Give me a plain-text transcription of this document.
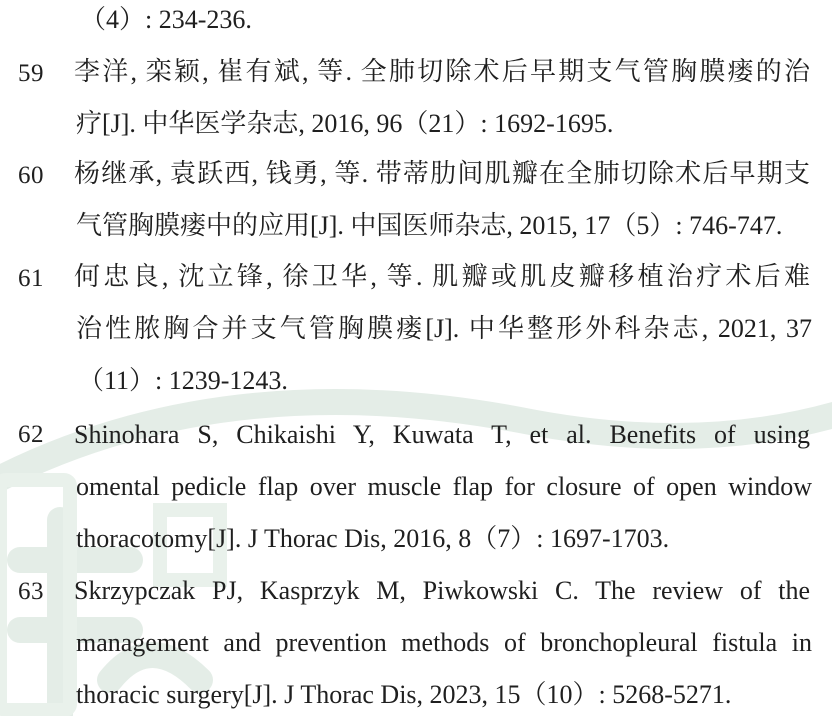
（4）: 234-236.
59	李洋, 栾颖, 崔有斌, 等. 全肺切除术后早期支气管胸膜瘘的治
疗[J]. 中华医学杂志, 2016, 96（21）: 1692-1695.
60	杨继承, 袁跃西, 钱勇, 等. 带蒂肋间肌瓣在全肺切除术后早期支
气管胸膜瘘中的应用[J]. 中国医师杂志, 2015, 17（5）: 746-747.
61	何忠良, 沈立锋, 徐卫华, 等. 肌瓣或肌皮瓣移植治疗术后难
治性脓胸合并支气管胸膜瘘[J]. 中华整形外科杂志, 2021, 37
（11）: 1239-1243.
62	Shinohara S, Chikaishi Y, Kuwata T, et al. Benefits of using
omental pedicle flap over muscle flap for closure of open window
thoracotomy[J]. J Thorac Dis, 2016, 8（7）: 1697-1703.
63	Skrzypczak PJ, Kasprzyk M, Piwkowski C. The review of the
management and prevention methods of bronchopleural fistula in
thoracic surgery[J]. J Thorac Dis, 2023, 15（10）: 5268-5271.
